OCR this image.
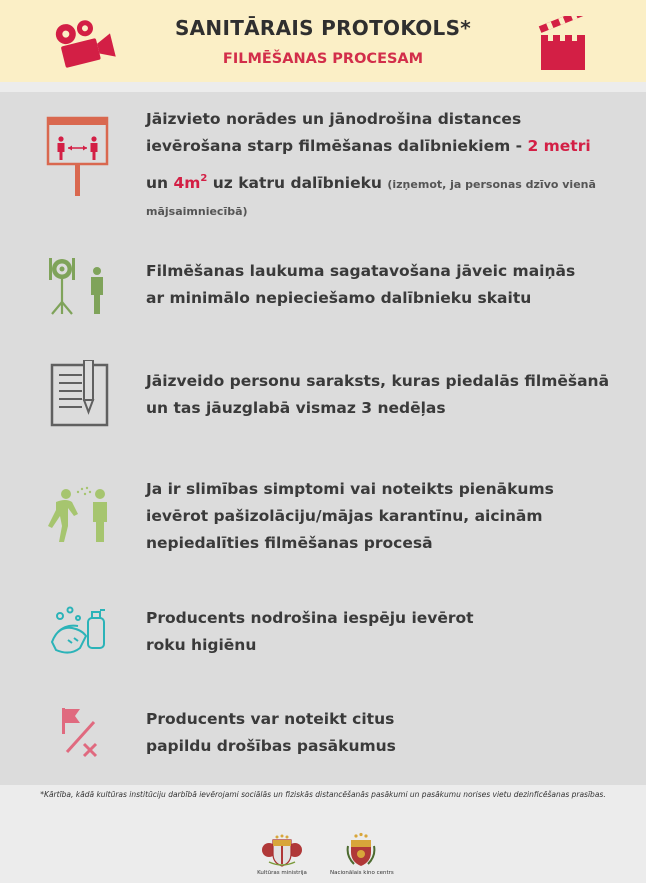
SANITĀRAIS PROTOKOLS*
FILMĒŠANAS PROCESAM
Jāizvieto norādes un jānodrošina distances
ievērošana starp filmēšanas dalībniekiem - 2 metri
un $4m^2$ uz katru dalībnieku (izņemot, ja personas dzīvo vienā mājsaimniecībā)
Filmēšanas laukuma sagatavošana jāveic maiņās ar minimālo nepieciešamo dalībnieku skaitu
Jāizveido personu saraksts, kuras piedalās filmēšanā un tas jāuzglabā vismaz 3 nedēļas
Ja ir slimības simptomi vai noteikts pienākums ievērot pašizolāciju/mājas karantīnu, aicinām nepiedalīties filmēšanas procesā
Producents nodrošina iespēju ievērot roku higiēnu
Producents var noteikt citus papildu drošības pasākumus
*Kārtība, kādā kultūras institūciju darbībā ievērojami sociālās un fiziskās distancēšanās pasākumi un pasākumu norises vietu dezinficēšanas prasības.
Kultūras ministrija	Nacionālais kino centrs
